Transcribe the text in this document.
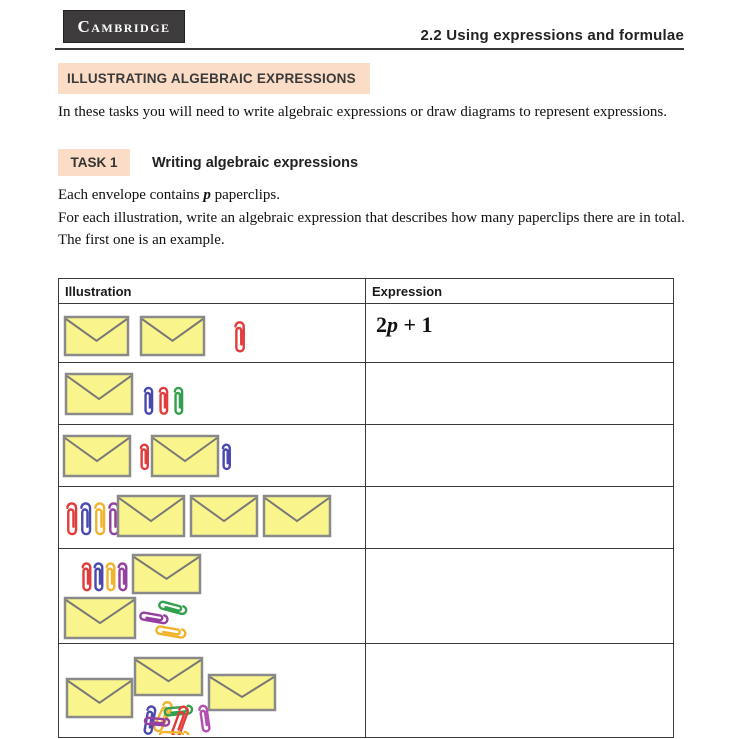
Cambridge	2.2 Using expressions and formulae
ILLUSTRATING ALGEBRAIC EXPRESSIONS
In these tasks you will need to write algebraic expressions or draw diagrams to represent expressions.
TASK 1	Writing algebraic expressions
Each envelope contains p paperclips.
For each illustration, write an algebraic expression that describes how many paperclips there are in total.
The first one is an example.
Illustration	Expression

	2p + 1
